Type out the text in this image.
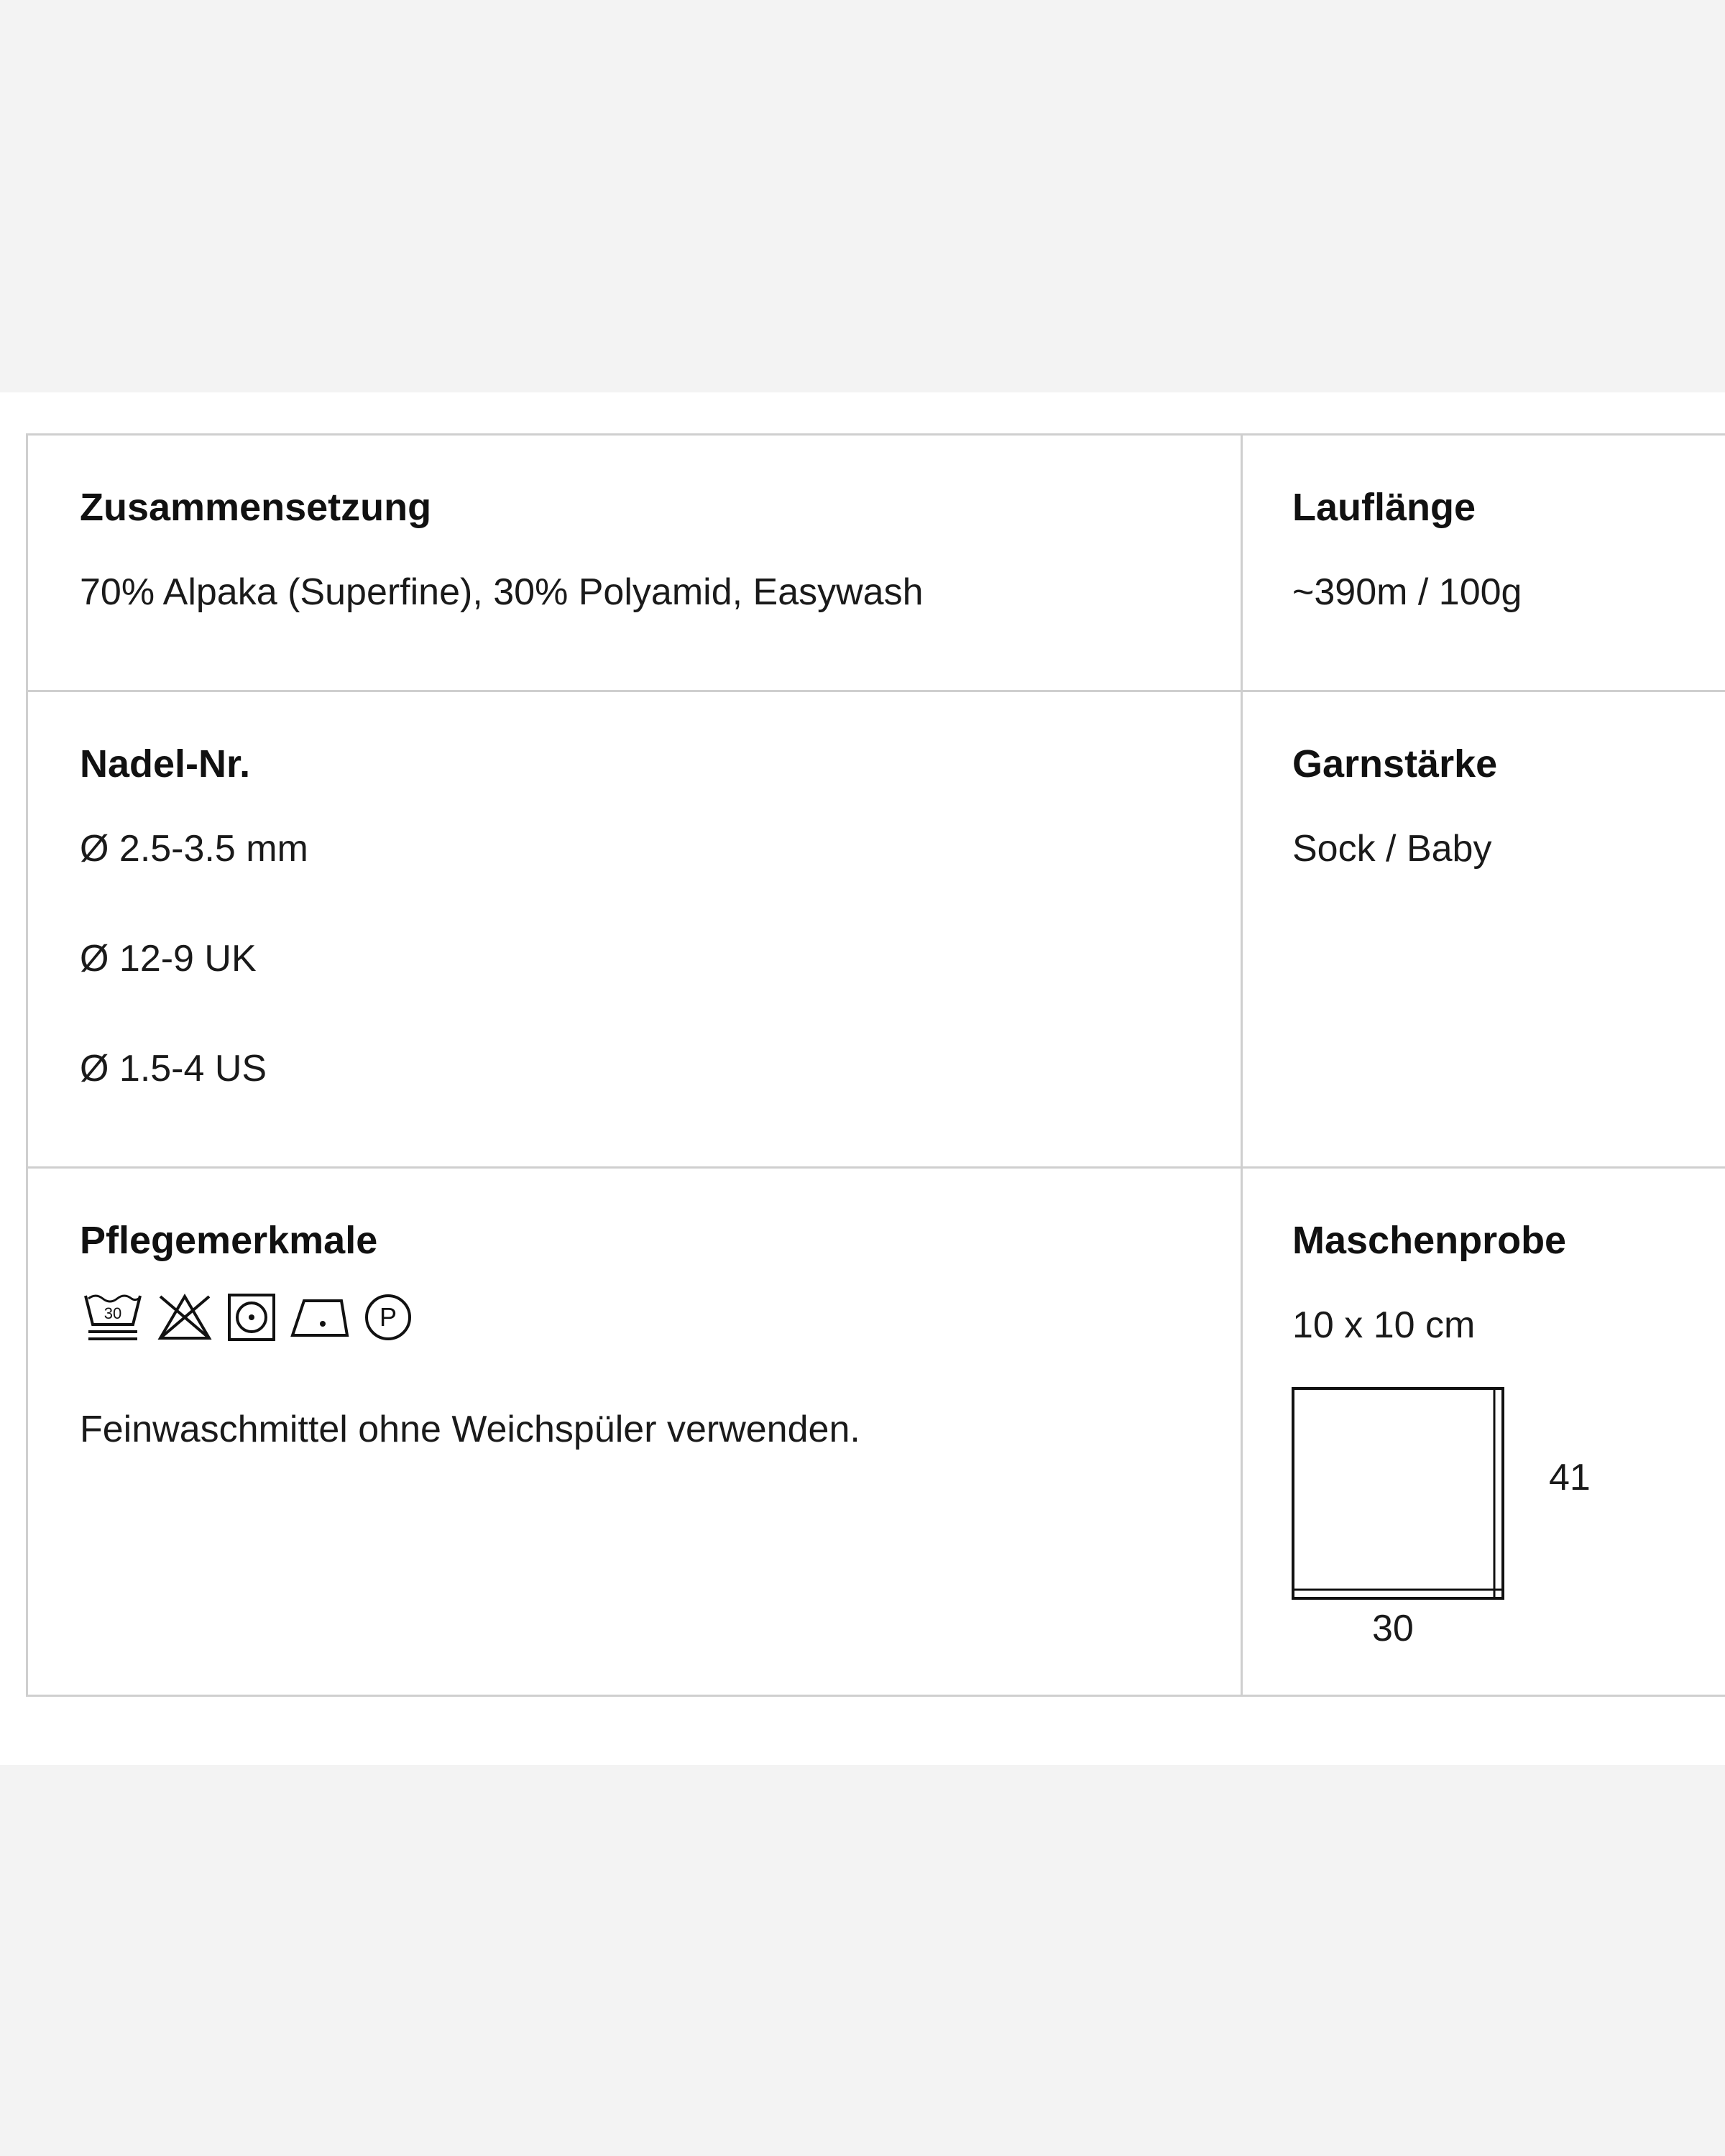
Zusammensetzung

70% Alpaka (Superfine), 30% Polyamid, Easywash

Lauflänge

~390m / 100g

Nadel-Nr.

Ø 2.5-3.5 mm

Ø 12-9 UK

Ø 1.5-4 US

Garnstärke

Sock / Baby

Pflegemerkmale
30	P

Feinwaschmittel ohne Weichspüler verwenden.

Maschenprobe

10 x 10 cm

41

30
